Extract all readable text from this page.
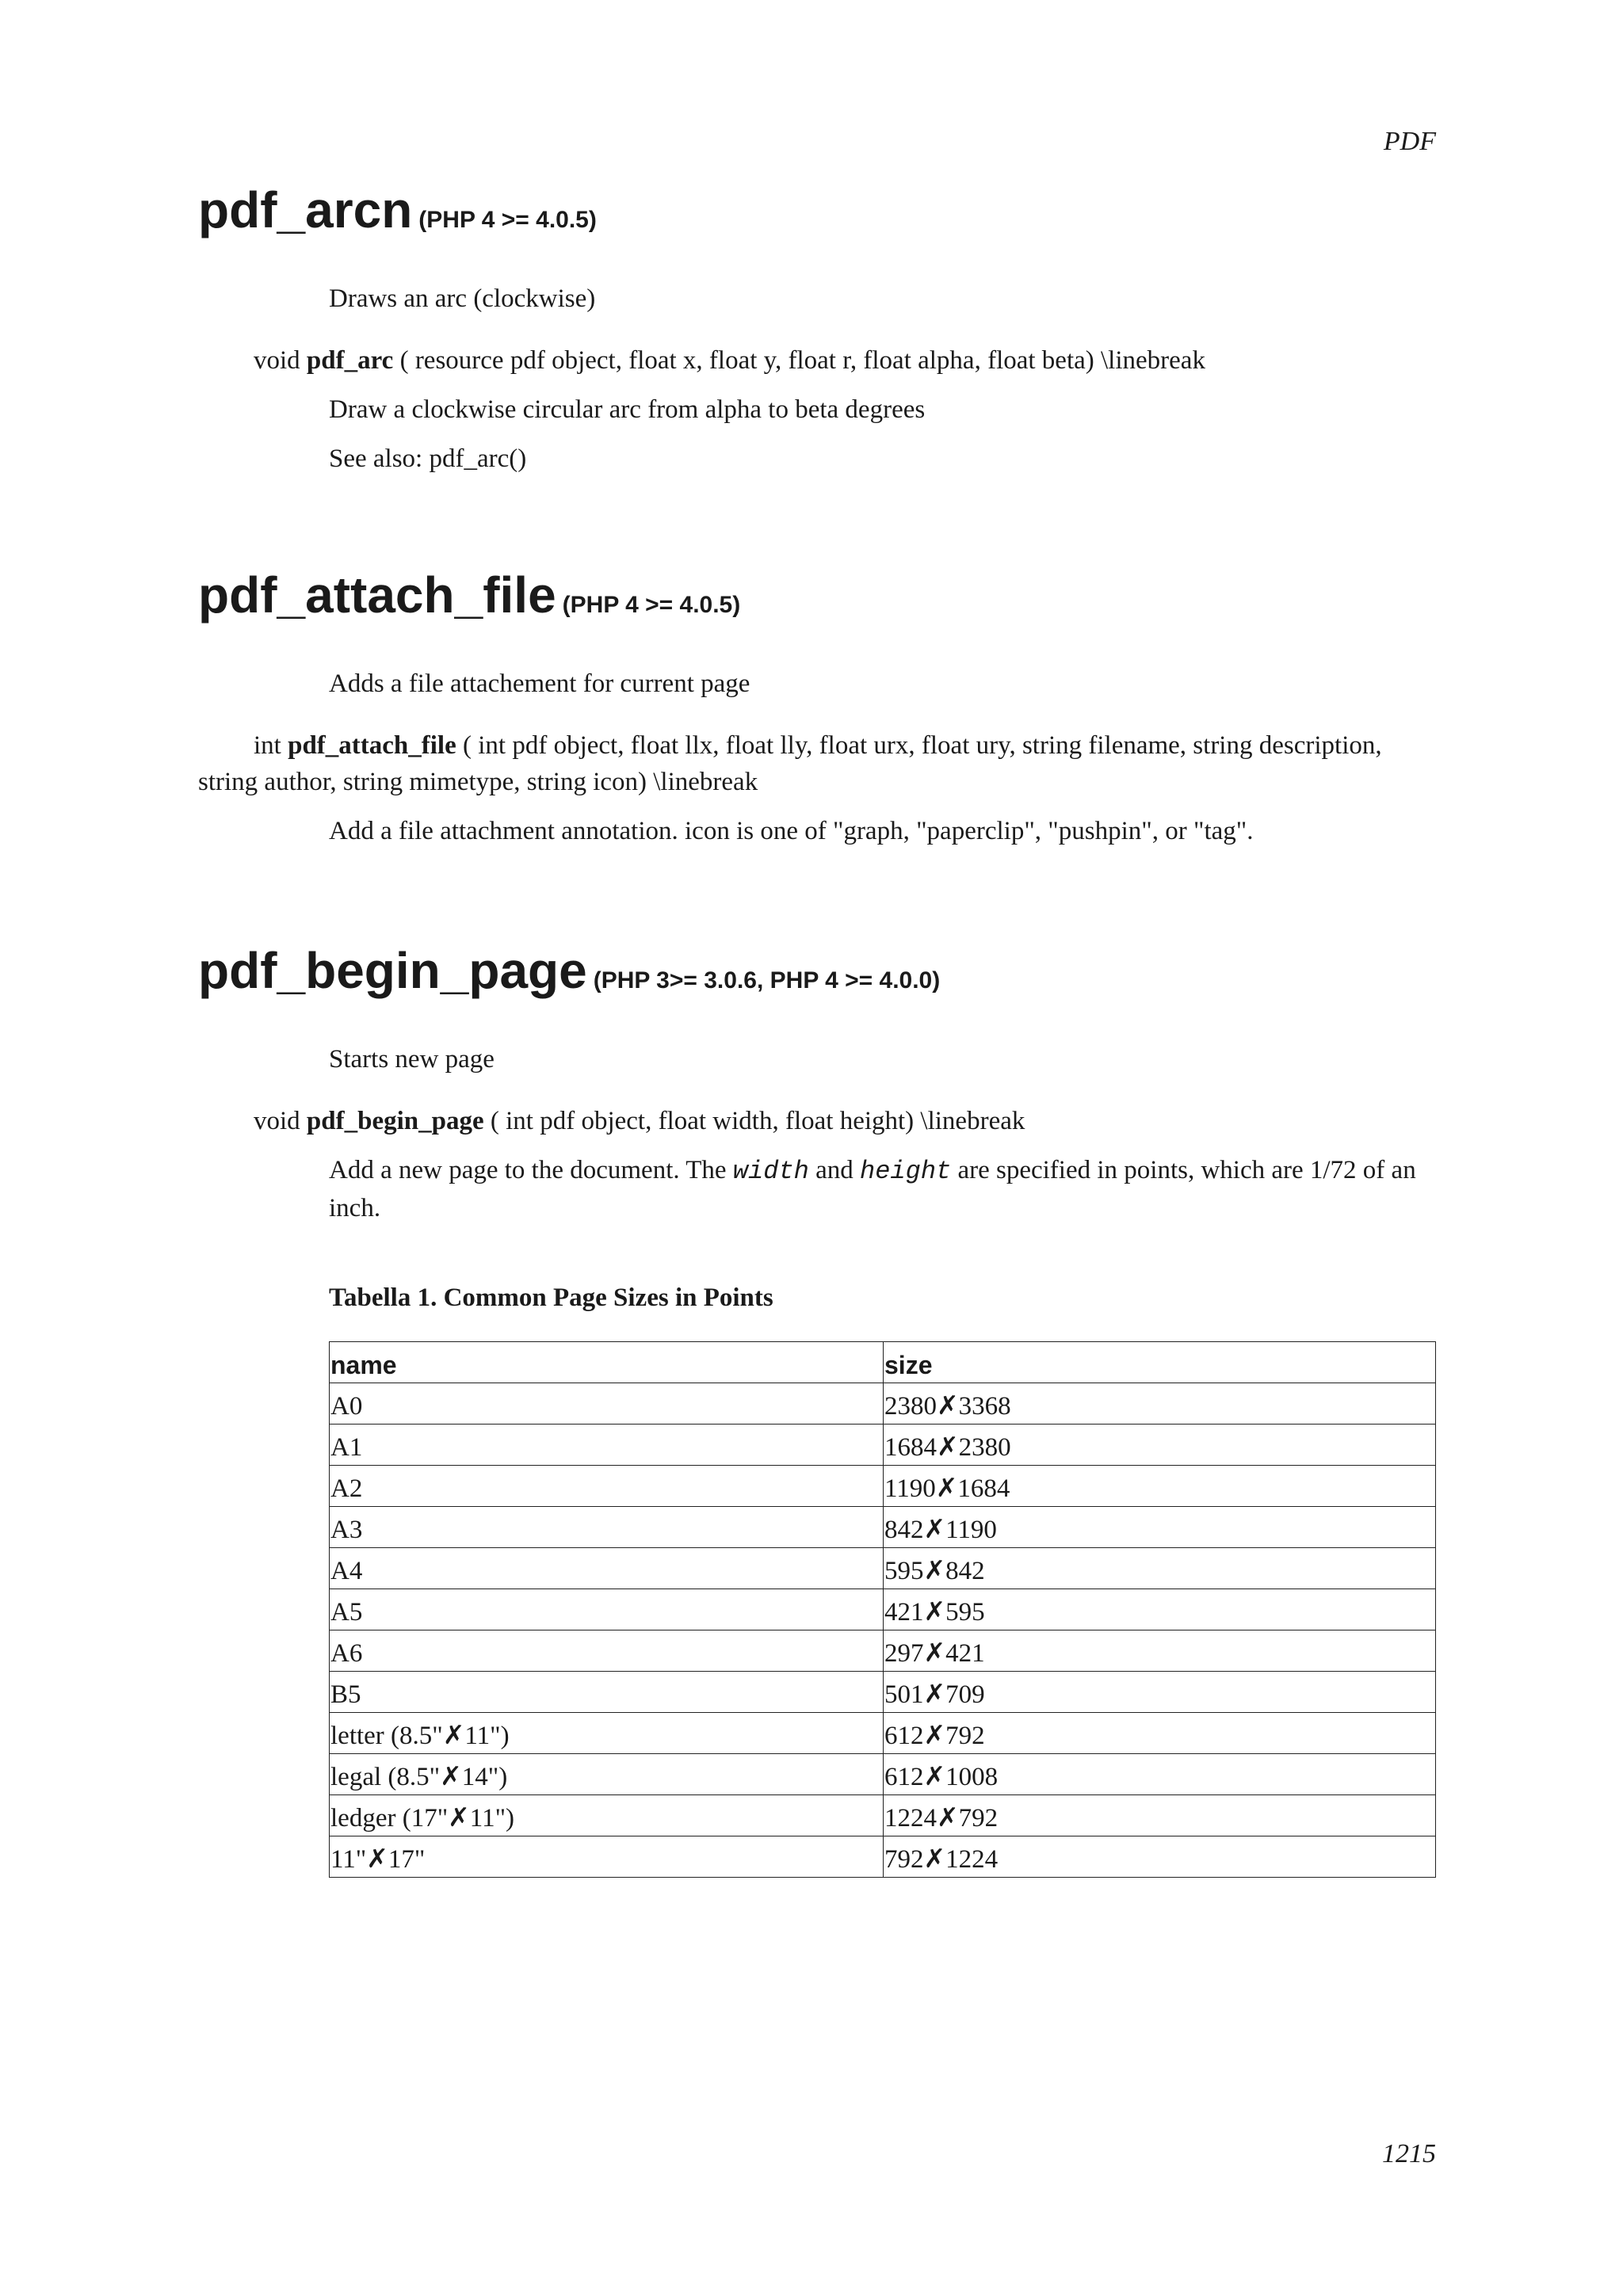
PDF
pdf_arcn (PHP 4 >= 4.0.5)

Draws an arc (clockwise)

void pdf_arc ( resource pdf object, float x, float y, float r, float alpha, float beta) \linebreak

Draw a clockwise circular arc from alpha to beta degrees

See also: pdf_arc()

pdf_attach_file (PHP 4 >= 4.0.5)

Adds a file attachement for current page

int pdf_attach_file ( int pdf object, float llx, float lly, float urx, float ury, string filename, string description, string author, string mimetype, string icon) \linebreak

Add a file attachment annotation. icon is one of "graph, "paperclip", "pushpin", or "tag".

pdf_begin_page (PHP 3>= 3.0.6, PHP 4 >= 4.0.0)

Starts new page

void pdf_begin_page ( int pdf object, float width, float height) \linebreak

Add a new page to the document. The width and height are specified in points, which are 1/72 of an inch.

Tabella 1. Common Page Sizes in Points

name	size
A0	2380✗3368
A1	1684✗2380
A2	1190✗1684
A3	842✗1190
A4	595✗842
A5	421✗595
A6	297✗421
B5	501✗709
letter (8.5"✗11")	612✗792
legal (8.5"✗14")	612✗1008
ledger (17"✗11")	1224✗792
11"✗17"	792✗1224
1215
